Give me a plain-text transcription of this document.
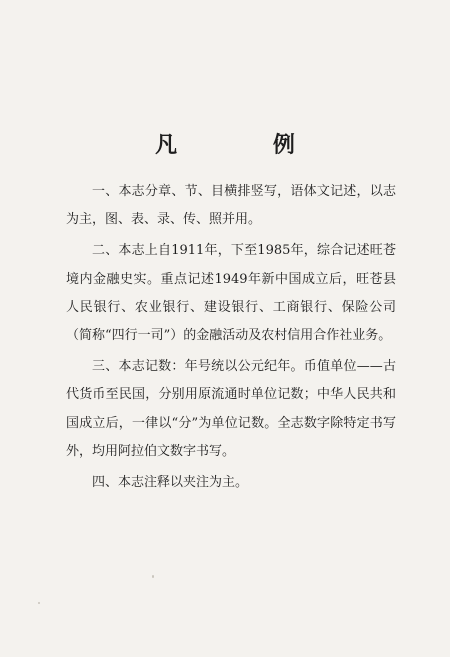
凡 例

一、本志分章、节、目横排竖写，语体文记述，以志为主，图、表、录、传、照并用。

二、本志上自1911年，下至1985年，综合记述旺苍境内金融史实。重点记述1949年新中国成立后，旺苍县人民银行、农业银行、建设银行、工商银行、保险公司（简称“四行一司”）的金融活动及农村信用合作社业务。

三、本志记数：年号统以公元纪年。币值单位——古代货币至民国，分别用原流通时单位记数；中华人民共和国成立后，一律以“分”为单位记数。全志数字除特定书写外，均用阿拉伯文数字书写。

四、本志注释以夹注为主。
